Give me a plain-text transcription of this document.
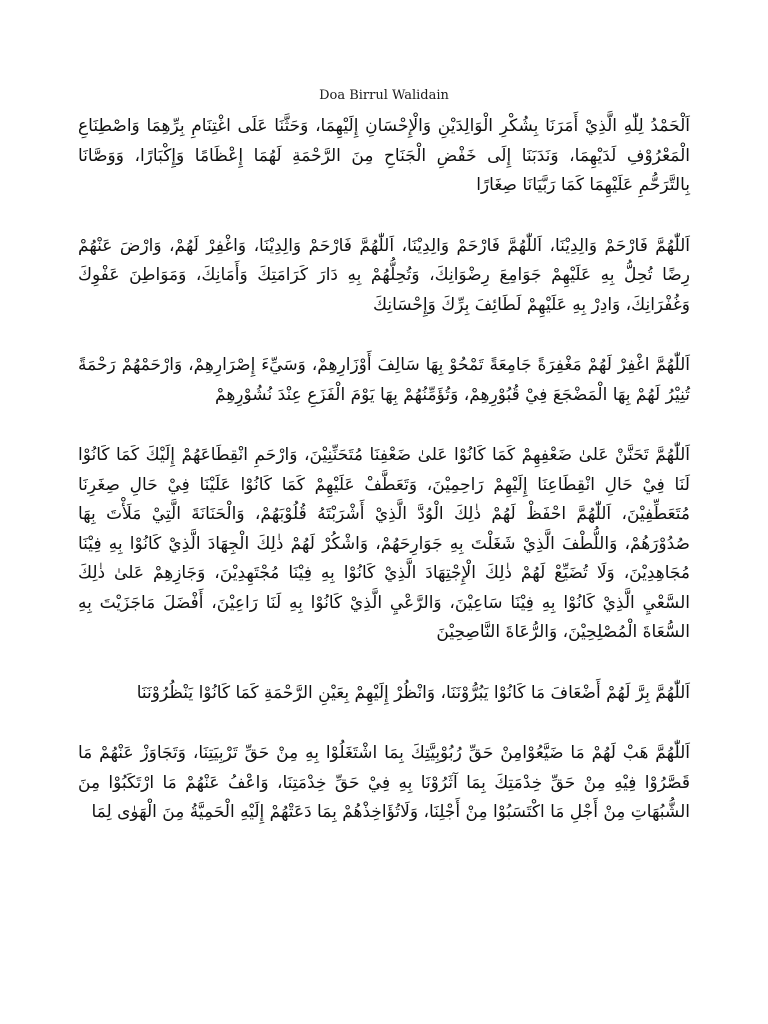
Doa Birrul Walidain

اَلْحَمْدُ لِلّٰهِ الَّذِيْ أَمَرَنَا بِشُكْرِ الْوَالِدَيْنِ وَالْإِحْسَانِ إِلَيْهِمَا، وَحَثَّنَا عَلَى اغْتِنَامِ بِرِّهِمَا وَاصْطِنَاعِ الْمَعْرُوْفِ لَدَيْهِمَا، وَنَدَبَنَا إِلَى خَفْضِ الْجَنَاحِ مِنَ الرَّحْمَةِ لَهُمَا إِعْظَامًا وَإِكْبَارًا، وَوَصَّانَا بِالتَّرَحُّمِ عَلَيْهِمَا كَمَا رَبَّيَانَا صِغَارًا

اَللّٰهُمَّ فَارْحَمْ وَالِدِيْنَا، اَللّٰهُمَّ فَارْحَمْ وَالِدِيْنَا، اَللّٰهُمَّ فَارْحَمْ وَالِدِيْنَا، وَاغْفِرْ لَهُمْ، وَارْضَ عَنْهُمْ رِضًا تُحِلُّ بِهِ عَلَيْهِمْ جَوَامِعَ رِضْوَانِكَ، وَتُحِلُّهُمْ بِهِ دَارَ كَرَامَتِكَ وَأَمَانِكَ، وَمَوَاطِنَ عَفْوِكَ وَغُفْرَانِكَ، وَادِرْ بِهِ عَلَيْهِمْ لَطَائِفَ بِرِّكَ وَإِحْسَانِكَ

اَللّٰهُمَّ اغْفِرْ لَهُمْ مَغْفِرَةً جَامِعَةً تَمْحُوْ بِهَا سَالِفَ أَوْزَارِهِمْ، وَسَيِّءَ إِصْرَارِهِمْ، وَارْحَمْهُمْ رَحْمَةً تُنِيْرُ لَهُمْ بِهَا الْمَضْجَعَ فِيْ قُبُوْرِهِمْ، وَتُؤَمِّنُهُمْ بِهَا يَوْمَ الْفَزَعِ عِنْدَ نُشُوْرِهِمْ

اَللّٰهُمَّ تَحَنَّنْ عَلىٰ ضَعْفِهِمْ كَمَا كَانُوْا عَلىٰ ضَعْفِنَا مُتَحَنِّنِيْنَ، وَارْحَمِ انْقِطَاعَهُمْ إِلَيْكَ كَمَا كَانُوْا لَنَا فِيْ حَالِ انْقِطَاعِنَا إِلَيْهِمْ رَاحِمِيْنَ، وَتَعَطَّفْ عَلَيْهِمْ كَمَا كَانُوْا عَلَيْنَا فِيْ حَالِ صِغَرِنَا مُتَعَطِّفِيْنَ، اَللّٰهُمَّ احْفَظْ لَهُمْ ذٰلِكَ الْوُدَّ الَّذِيْ أَشْرَبْتَهُ قُلُوْبَهُمْ، وَالْحَنَانَةَ الَّتِيْ مَلَأْتَ بِهَا صُدُوْرَهُمْ، وَاللُّطْفَ الَّذِيْ شَغَلْتَ بِهِ جَوَارِحَهُمْ، وَاشْكُرْ لَهُمْ ذٰلِكَ الْجِهَادَ الَّذِيْ كَانُوْا بِهِ فِيْنَا مُجَاهِدِيْنَ، وَلَا تُضَيِّعْ لَهُمْ ذٰلِكَ الْإِجْتِهَادَ الَّذِيْ كَانُوْا بِهِ فِيْنَا مُجْتَهِدِيْنَ، وَجَازِهِمْ عَلىٰ ذٰلِكَ السَّعْيِ الَّذِيْ كَانُوْا بِهِ فِيْنَا سَاعِيْنَ، وَالرَّعْيِ الَّذِيْ كَانُوْا بِهِ لَنَا رَاعِيْنَ، أَفْضَلَ مَاجَزَيْتَ بِهِ السُّعَاةَ الْمُصْلِحِيْنَ، وَالرُّعَاةَ النَّاصِحِيْنَ

اَللّٰهُمَّ بِرَّ لَهُمْ أَضْعَافَ مَا كَانُوْا يَبُرُّوْنَنَا، وَانْظُرْ إِلَيْهِمْ بِعَيْنِ الرَّحْمَةِ كَمَا كَانُوْا يَنْظُرُوْنَنَا

اَللّٰهُمَّ هَبْ لَهُمْ مَا ضَيَّعُوْامِنْ حَقِّ رُبُوْبِيَّتِكَ بِمَا اشْتَغَلُوْا بِهِ مِنْ حَقِّ تَرْبِيَتِنَا، وَتَجَاوَزْ عَنْهُمْ مَا قَصَّرُوْا فِيْهِ مِنْ حَقِّ خِدْمَتِكَ بِمَا آثَرُوْنَا بِهِ فِيْ حَقِّ خِدْمَتِنَا، وَاعْفُ عَنْهُمْ مَا ارْتَكَبُوْا مِنَ الشُّبُهَاتِ مِنْ أَجْلِ مَا اكْتَسَبُوْا مِنْ أَجْلِنَا، وَلَاتُؤَاخِذْهُمْ بِمَا دَعَتْهُمْ إِلَيْهِ الْحَمِيَّةُ مِنَ الْهَوٰى لِمَا
